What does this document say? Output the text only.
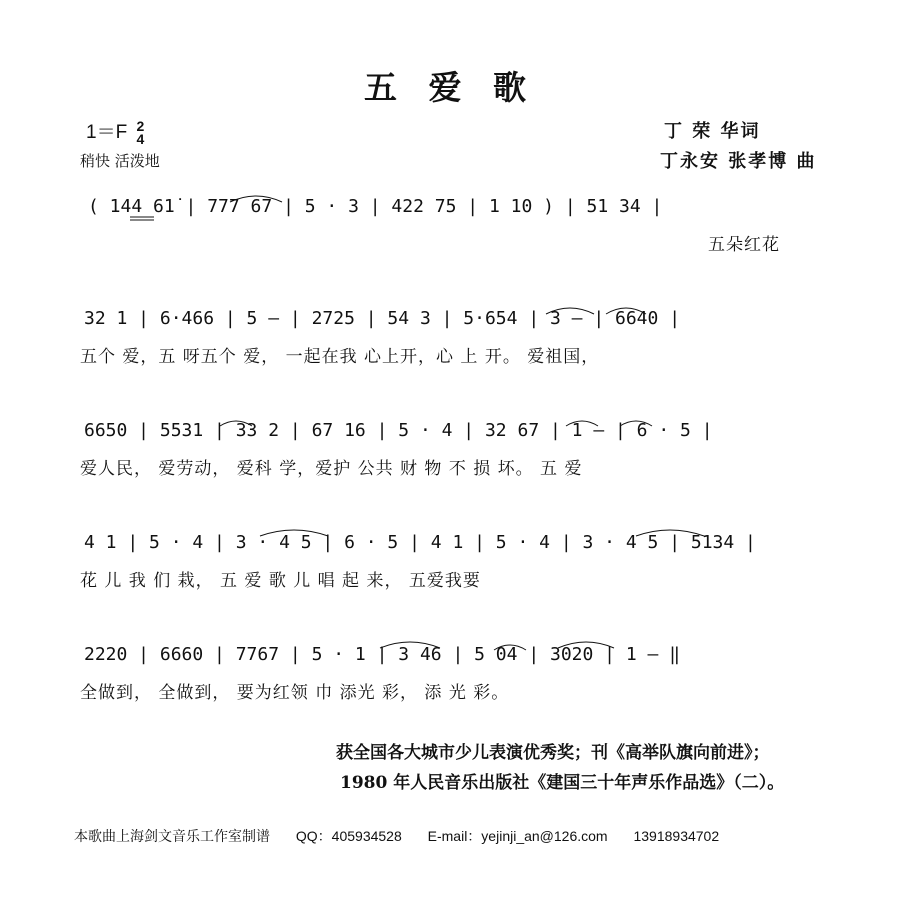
五 爱 歌
1＝F 2
4
稍快 活泼地
丁 荣 华词
丁永安 张孝博 曲
( 144 61̇ | 777 67 | 5 · 3 | 422 75 | 1 10 ) | 51 34 |
五朵红花
32 1 | 6·466 | 5 – | 2725 | 54 3 | 5·654 | 3 – | 6640 |
五个 爱，五 呀五个 爱， 一起在我 心上开，心 上 开。 爱祖国，
6650 | 5531 | 33 2 | 67 16 | 5 · 4 | 32 67 | 1 – | 6 · 5 |
爱人民， 爱劳动， 爱科 学，爱护 公共 财 物 不 损 坏。 五 爱
4 1 | 5 · 4 | 3 · 4 5 | 6 · 5 | 4 1 | 5 · 4 | 3 · 4 5 | 5134 |
花 儿 我 们 栽， 五 爱 歌 儿 唱 起 来， 五爱我要
2220 | 6660 | 7767 | 5 · 1 | 3 46 | 5 04 | 3020 | 1 – ‖
全做到， 全做到， 要为红领 巾 添光 彩， 添 光 彩。
获全国各大城市少儿表演优秀奖；刊《高举队旗向前进》；
1980 年人民音乐出版社《建国三十年声乐作品选》（二）。
本歌曲上海剑文音乐工作室制谱 QQ：405934528 E-mail：yejinji_an@126.com 13918934702
